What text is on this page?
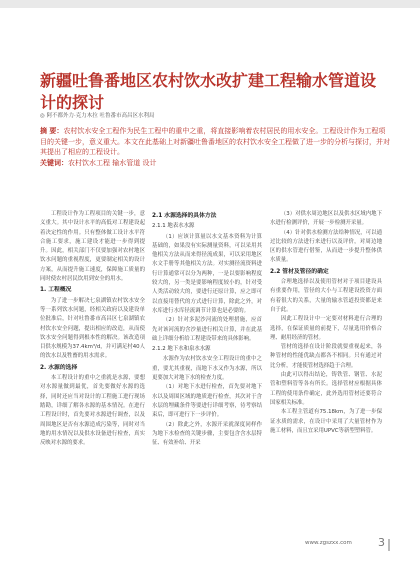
新疆吐鲁番地区农村饮水改扩建工程输水管道设计的探讨
◎ 阿不都外力·克力木拉 吐鲁番市高昌区水利局

摘 要：农村饮水安全工程作为民生工程中的重中之重，将直接影响着农村居民的用水安全。工程设计作为工程项目的关键一步，意义重大。本文在此基础上对新疆吐鲁番地区的农村饮水安全工程做了进一步的分析与探讨，并对其提出了相应的工程设计。

关键词：农村饮水工程 输水管道 设计

工程设计作为工程项目的关键一步，意义重大。其中设计水平的高低对工程建设起着决定性的作用。只有整体做工设计水平符合施工要求，施工建设才能进一步得到提升。因此，相关部门不仅要加强对农村地区饮水问题的重视程度，更要制定相关的设计方案，从而提升施工速度，保障施工质量的同时使农村居民饮用到安全的用水。

1. 工程概况

为了进一步解决七泉湖镇农村饮水安全等一系列饮水问题，经相关政府以及建设单位批准后，针对吐鲁番市高昌区七泉湖镇农村饮水安全问题，提出相应的改造，从而使饮水安全问题得到根本性的解决。该改造项目供水规模为37.4km³/d，并可满足村40人的饮水以及牲畜的用水需求。

2. 水源的选择

本工程设计的重中之重就是水源，要想对水源量做到最优，首先要做好水源的选择，同时还应当对设计的工程施工进行现场踏勘，详细了解各水源的基本情况。在进行工程设计时，首先要对水源进行调查，以及周围地区是否有水源造成污染等，同时对当地的用水情况以及供水设备进行检查，真实反映对水源的要求。

2.1 水源选择的具体方法
2.1.1 地表水水源

（1）应该计算量以水文基本资料为计算基础的，如果没有实际测量资料，可以采用其他相关方法从而来得径流成果，可以采用地区水文手册等其他相关方法。对实测径流资料进行计算通常可以分为两种，一是以要影响程度较大的，另一类是要影响程度较小的，针对受人类活动较大的，要进行还原计算，应之即可以直接用替代的方式进行计算，除此之外，对水库进行水库径流调节计算也是必要的。

（2）针对多泥沙河流的处理措施，应首先对该河流的含沙量进行相关计算，并在此基础上详细分析给工程建设带来的具体影响。

2.1.2 地下水和泉水水源

水源作为农村饮水安全工程设计的重中之重，要尤其重视，而地下水又作为水源，所以更要加大对地下水的检查力度。

（1）对地下水进行检查，首先要对地下水以及周围区域的地质进行检查，其次对于含水层的埋藏条件等要进行详细考察，待考察结束后，即可进行下一步评价。

（2）除此之外，水源开采就深度同样作为地下水检查的关键步骤，主要包含含水层特征、有效补给、开采

（3）对供水周边地区以及供水区域内地下水进行检测评价，开展一步检测开采量。

（4）针对供水检测方法给种情况，可以通过比较的方法进行来进行以及评价，对周边地区的供水管进行借鉴，从而进一步提升整体供水质量。

2.2 管材及管径的确定

合理地选择以及使用管材对于项目建设具有重要作用，管径的大小与工程建设投资方面有着很大的关系，大量的输水管道投资都是来自于此。

因此工程设计中一定要对材料进行合理的选择，在保证质量的前提下，尽量选用价格合理、耐用经济的管材。

管材的选择在设计阶段就要重视起来，各种管材的性能优缺点都各不相同。只有通过对比分析，才能使管材选择趋于合理。

由此可以得出结论，铸铁管、钢管、水泥管和塑料管等各有所长。选择管材应根据具体工程的使用条件确定，此外选用管材还要符合国家相关标准。

本工程主管道有75.18km，为了进一步保证水质的需求，在设计中采用了大量管材作为施工材料，而且宜采用UPVC等新型塑料管。

www.zgszxx.com 3
